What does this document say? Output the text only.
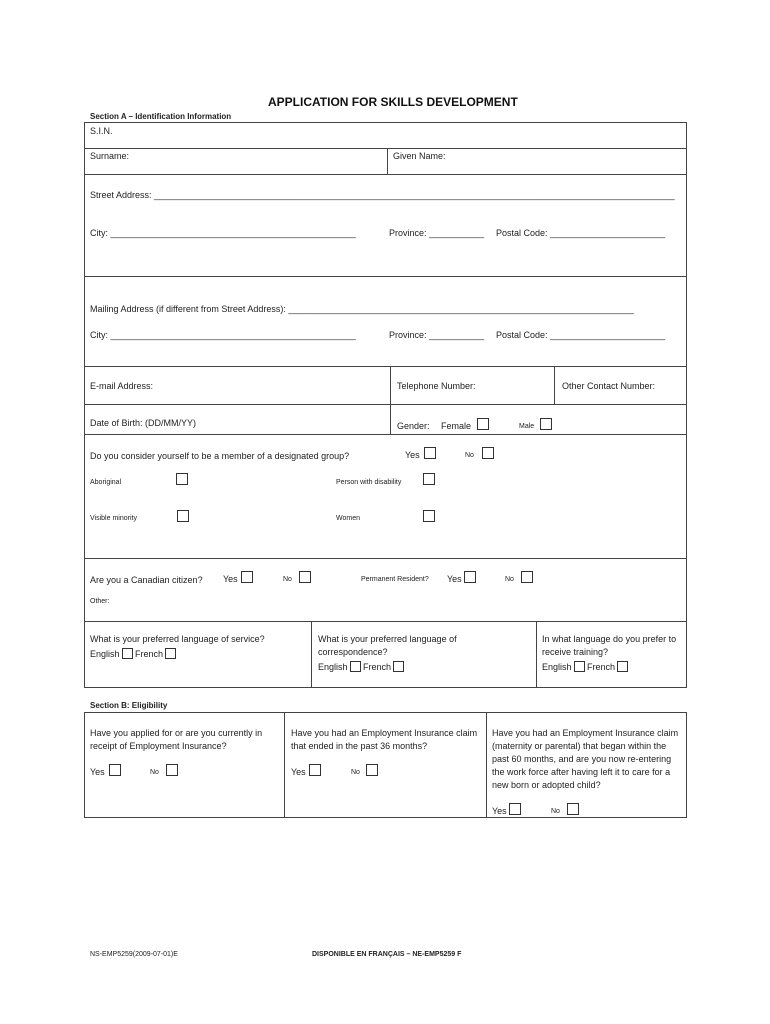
APPLICATION FOR SKILLS DEVELOPMENT
Section A – Identification Information
S.I.N.
Surname:	Given Name:
Street Address: ________________________________________________________________________________________________________
City: _________________________________________________	Province: ___________ Postal Code: _______________________
Mailing Address (if different from Street Address): _____________________________________________________________________
City: _________________________________________________	Province: ___________ Postal Code: _______________________
E-mail Address:	Telephone Number:	Other Contact Number:
Date of Birth: (DD/MM/YY)	Gender: Female	Male
Do you consider yourself to be a member of a designated group?	Yes	No
Aboriginal	Person with disability
Visible minority	Women
Are you a Canadian citizen? Yes	No	Permanent Resident? Yes	No
Other:
What is your preferred language of service?
English French
What is your preferred language of correspondence?
English French
In what language do you prefer to receive training?
English French
Section B: Eligibility
Have you applied for or are you currently in receipt of Employment Insurance?
Yes	No
Have you had an Employment Insurance claim that ended in the past 36 months?
Yes	No
Have you had an Employment Insurance claim (maternity or parental) that began within the past 60 months, and are you now re-entering the work force after having left it to care for a new born or adopted child?
Yes	No
NS-EMP5259(2009-07-01)E	DISPONIBLE EN FRANÇAIS – NE-EMP5259 F
